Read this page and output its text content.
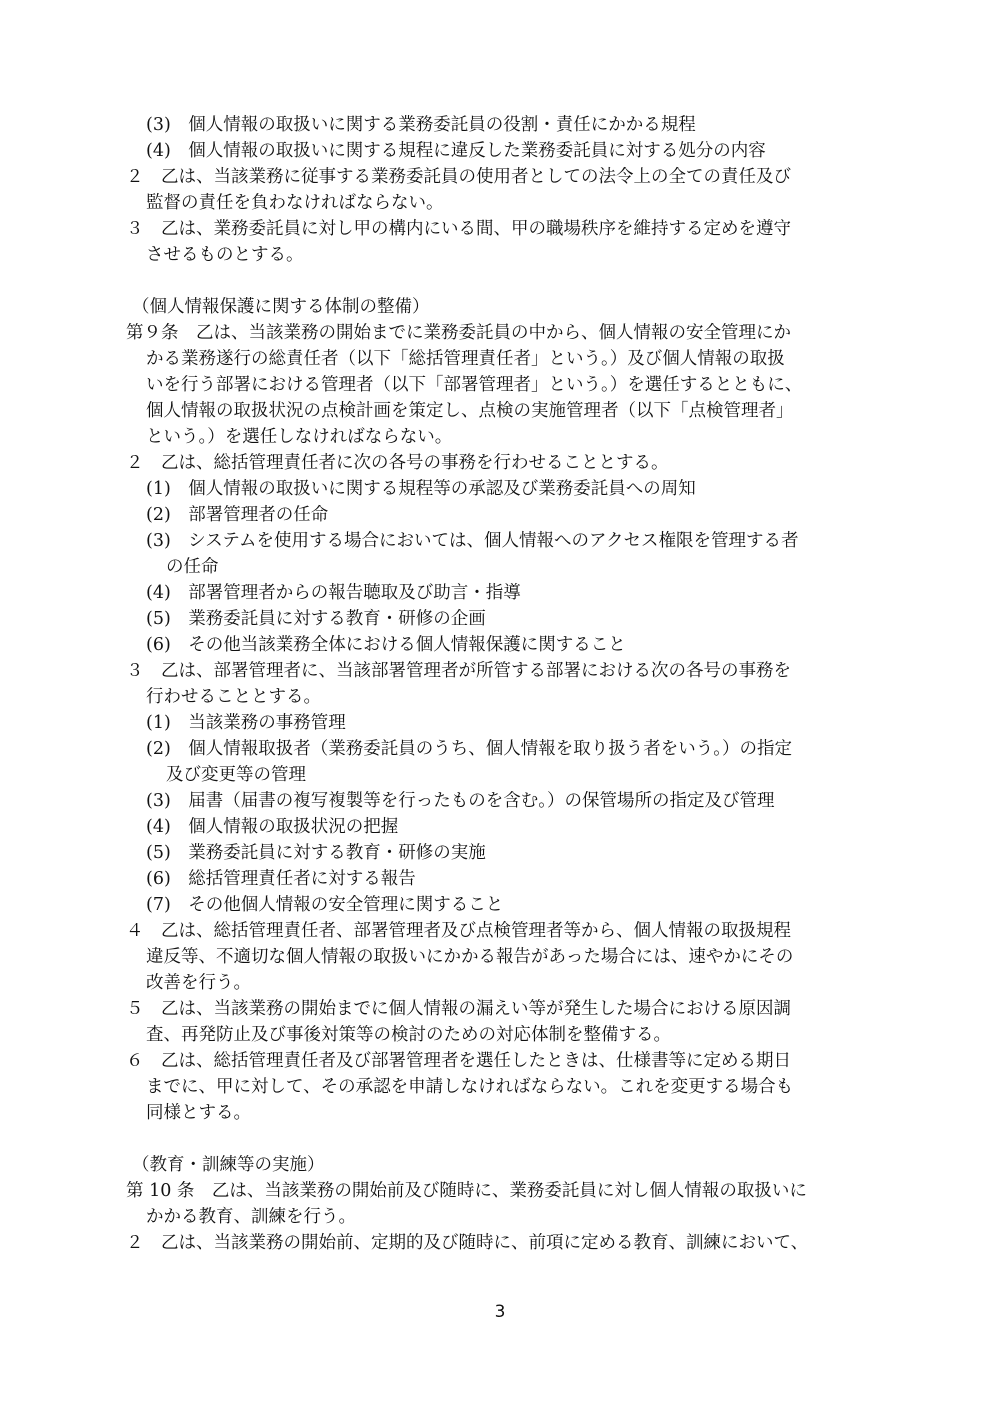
(3)　個人情報の取扱いに関する業務委託員の役割・責任にかかる規程
(4)　個人情報の取扱いに関する規程に違反した業務委託員に対する処分の内容
２　乙は、当該業務に従事する業務委託員の使用者としての法令上の全ての責任及び
監督の責任を負わなければならない。
３　乙は、業務委託員に対し甲の構内にいる間、甲の職場秩序を維持する定めを遵守
させるものとする。
（個人情報保護に関する体制の整備）
第９条　乙は、当該業務の開始までに業務委託員の中から、個人情報の安全管理にか
かる業務遂行の総責任者（以下「総括管理責任者」という。）及び個人情報の取扱
いを行う部署における管理者（以下「部署管理者」という。）を選任するとともに、
個人情報の取扱状況の点検計画を策定し、点検の実施管理者（以下「点検管理者」
という。）を選任しなければならない。
２　乙は、総括管理責任者に次の各号の事務を行わせることとする。
(1)　個人情報の取扱いに関する規程等の承認及び業務委託員への周知
(2)　部署管理者の任命
(3)　システムを使用する場合においては、個人情報へのアクセス権限を管理する者
の任命
(4)　部署管理者からの報告聴取及び助言・指導
(5)　業務委託員に対する教育・研修の企画
(6)　その他当該業務全体における個人情報保護に関すること
３　乙は、部署管理者に、当該部署管理者が所管する部署における次の各号の事務を
行わせることとする。
(1)　当該業務の事務管理
(2)　個人情報取扱者（業務委託員のうち、個人情報を取り扱う者をいう。）の指定
及び変更等の管理
(3)　届書（届書の複写複製等を行ったものを含む。）の保管場所の指定及び管理
(4)　個人情報の取扱状況の把握
(5)　業務委託員に対する教育・研修の実施
(6)　総括管理責任者に対する報告
(7)　その他個人情報の安全管理に関すること
４　乙は、総括管理責任者、部署管理者及び点検管理者等から、個人情報の取扱規程
違反等、不適切な個人情報の取扱いにかかる報告があった場合には、速やかにその
改善を行う。
５　乙は、当該業務の開始までに個人情報の漏えい等が発生した場合における原因調
査、再発防止及び事後対策等の検討のための対応体制を整備する。
６　乙は、総括管理責任者及び部署管理者を選任したときは、仕様書等に定める期日
までに、甲に対して、その承認を申請しなければならない。これを変更する場合も
同様とする。
（教育・訓練等の実施）
第 10 条　乙は、当該業務の開始前及び随時に、業務委託員に対し個人情報の取扱いに
かかる教育、訓練を行う。
２　乙は、当該業務の開始前、定期的及び随時に、前項に定める教育、訓練において、
3
